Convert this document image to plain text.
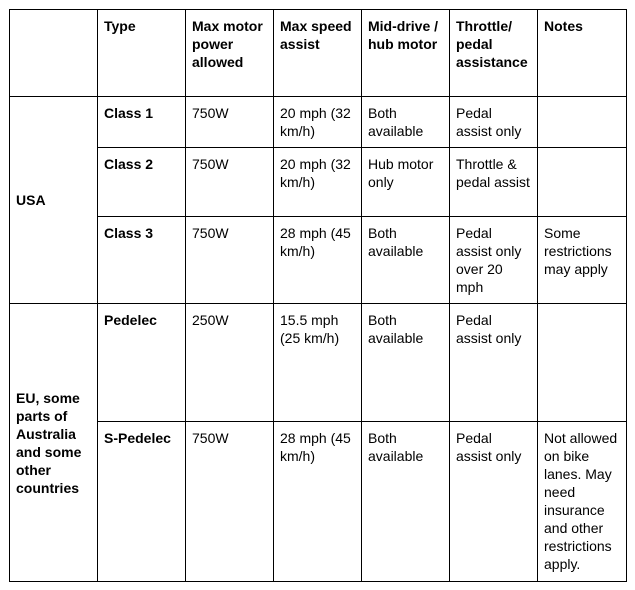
	Type	Max motor power allowed	Max speed assist	Mid-drive / hub motor	Throttle/ pedal assistance	Notes
USA	Class 1	750W	20 mph (32 km/h)	Both available	Pedal assist only	
	Class 2	750W	20 mph (32 km/h)	Hub motor only	Throttle & pedal assist	
	Class 3	750W	28 mph (45 km/h)	Both available	Pedal assist only over 20 mph	Some restrictions may apply
EU, some parts of Australia and some other countries	Pedelec	250W	15.5 mph (25 km/h)	Both available	Pedal assist only	
	S-Pedelec	750W	28 mph (45 km/h)	Both available	Pedal assist only	Not allowed on bike lanes. May need insurance and other restrictions apply.
